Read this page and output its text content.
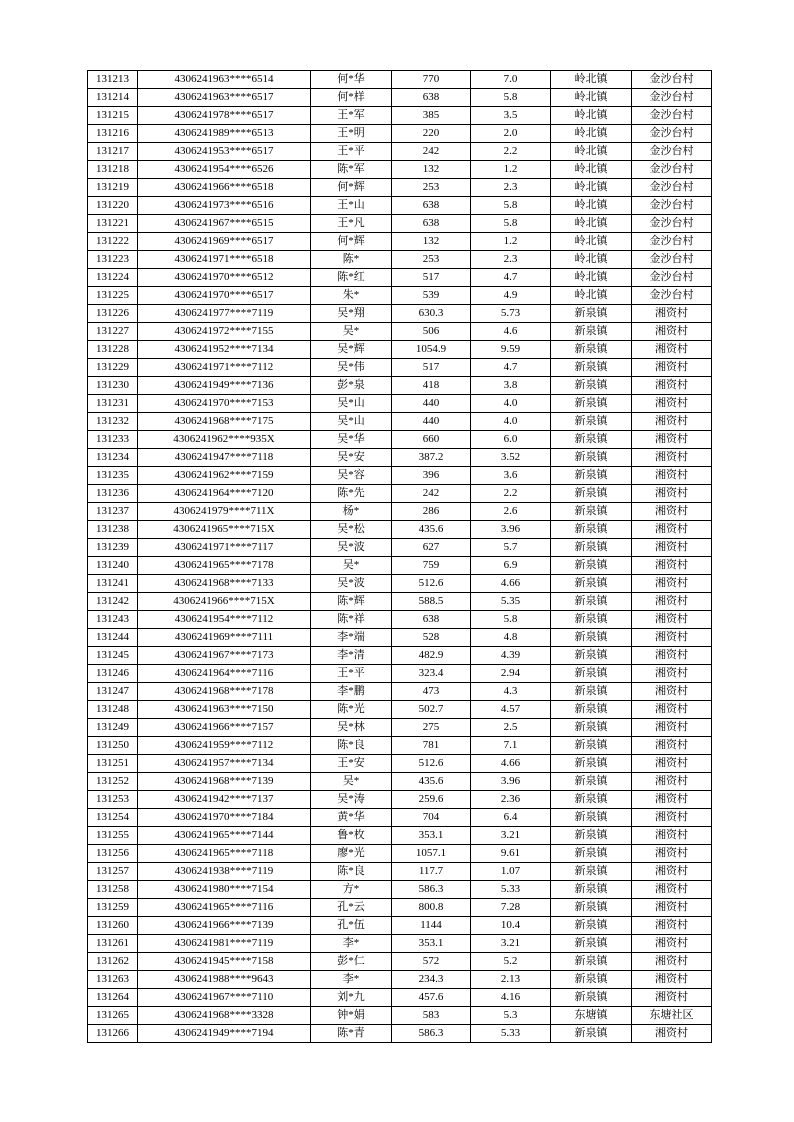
131213	4306241963****6514	何*华	770	7.0	岭北镇	金沙台村
131214	4306241963****6517	何*样	638	5.8	岭北镇	金沙台村
131215	4306241978****6517	王*军	385	3.5	岭北镇	金沙台村
131216	4306241989****6513	王*明	220	2.0	岭北镇	金沙台村
131217	4306241953****6517	王*平	242	2.2	岭北镇	金沙台村
131218	4306241954****6526	陈*军	132	1.2	岭北镇	金沙台村
131219	4306241966****6518	何*辉	253	2.3	岭北镇	金沙台村
131220	4306241973****6516	王*山	638	5.8	岭北镇	金沙台村
131221	4306241967****6515	王*凡	638	5.8	岭北镇	金沙台村
131222	4306241969****6517	何*辉	132	1.2	岭北镇	金沙台村
131223	4306241971****6518	陈*	253	2.3	岭北镇	金沙台村
131224	4306241970****6512	陈*红	517	4.7	岭北镇	金沙台村
131225	4306241970****6517	朱*	539	4.9	岭北镇	金沙台村
131226	4306241977****7119	吴*翔	630.3	5.73	新泉镇	湘资村
131227	4306241972****7155	吴*	506	4.6	新泉镇	湘资村
131228	4306241952****7134	吴*辉	1054.9	9.59	新泉镇	湘资村
131229	4306241971****7112	吴*伟	517	4.7	新泉镇	湘资村
131230	4306241949****7136	彭*泉	418	3.8	新泉镇	湘资村
131231	4306241970****7153	吴*山	440	4.0	新泉镇	湘资村
131232	4306241968****7175	吴*山	440	4.0	新泉镇	湘资村
131233	4306241962****935X	吴*华	660	6.0	新泉镇	湘资村
131234	4306241947****7118	吴*安	387.2	3.52	新泉镇	湘资村
131235	4306241962****7159	吴*容	396	3.6	新泉镇	湘资村
131236	4306241964****7120	陈*先	242	2.2	新泉镇	湘资村
131237	4306241979****711X	杨*	286	2.6	新泉镇	湘资村
131238	4306241965****715X	吴*松	435.6	3.96	新泉镇	湘资村
131239	4306241971****7117	吴*波	627	5.7	新泉镇	湘资村
131240	4306241965****7178	吴*	759	6.9	新泉镇	湘资村
131241	4306241968****7133	吴*波	512.6	4.66	新泉镇	湘资村
131242	4306241966****715X	陈*辉	588.5	5.35	新泉镇	湘资村
131243	4306241954****7112	陈*祥	638	5.8	新泉镇	湘资村
131244	4306241969****7111	李*端	528	4.8	新泉镇	湘资村
131245	4306241967****7173	李*清	482.9	4.39	新泉镇	湘资村
131246	4306241964****7116	王*平	323.4	2.94	新泉镇	湘资村
131247	4306241968****7178	李*鹏	473	4.3	新泉镇	湘资村
131248	4306241963****7150	陈*光	502.7	4.57	新泉镇	湘资村
131249	4306241966****7157	吴*林	275	2.5	新泉镇	湘资村
131250	4306241959****7112	陈*良	781	7.1	新泉镇	湘资村
131251	4306241957****7134	王*安	512.6	4.66	新泉镇	湘资村
131252	4306241968****7139	吴*	435.6	3.96	新泉镇	湘资村
131253	4306241942****7137	吴*涛	259.6	2.36	新泉镇	湘资村
131254	4306241970****7184	黄*华	704	6.4	新泉镇	湘资村
131255	4306241965****7144	鲁*枚	353.1	3.21	新泉镇	湘资村
131256	4306241965****7118	廖*光	1057.1	9.61	新泉镇	湘资村
131257	4306241938****7119	陈*良	117.7	1.07	新泉镇	湘资村
131258	4306241980****7154	方*	586.3	5.33	新泉镇	湘资村
131259	4306241965****7116	孔*云	800.8	7.28	新泉镇	湘资村
131260	4306241966****7139	孔*伍	1144	10.4	新泉镇	湘资村
131261	4306241981****7119	李*	353.1	3.21	新泉镇	湘资村
131262	4306241945****7158	彭*仁	572	5.2	新泉镇	湘资村
131263	4306241988****9643	李*	234.3	2.13	新泉镇	湘资村
131264	4306241967****7110	刘*九	457.6	4.16	新泉镇	湘资村
131265	4306241968****3328	钟*娟	583	5.3	东塘镇	东塘社区
131266	4306241949****7194	陈*青	586.3	5.33	新泉镇	湘资村
